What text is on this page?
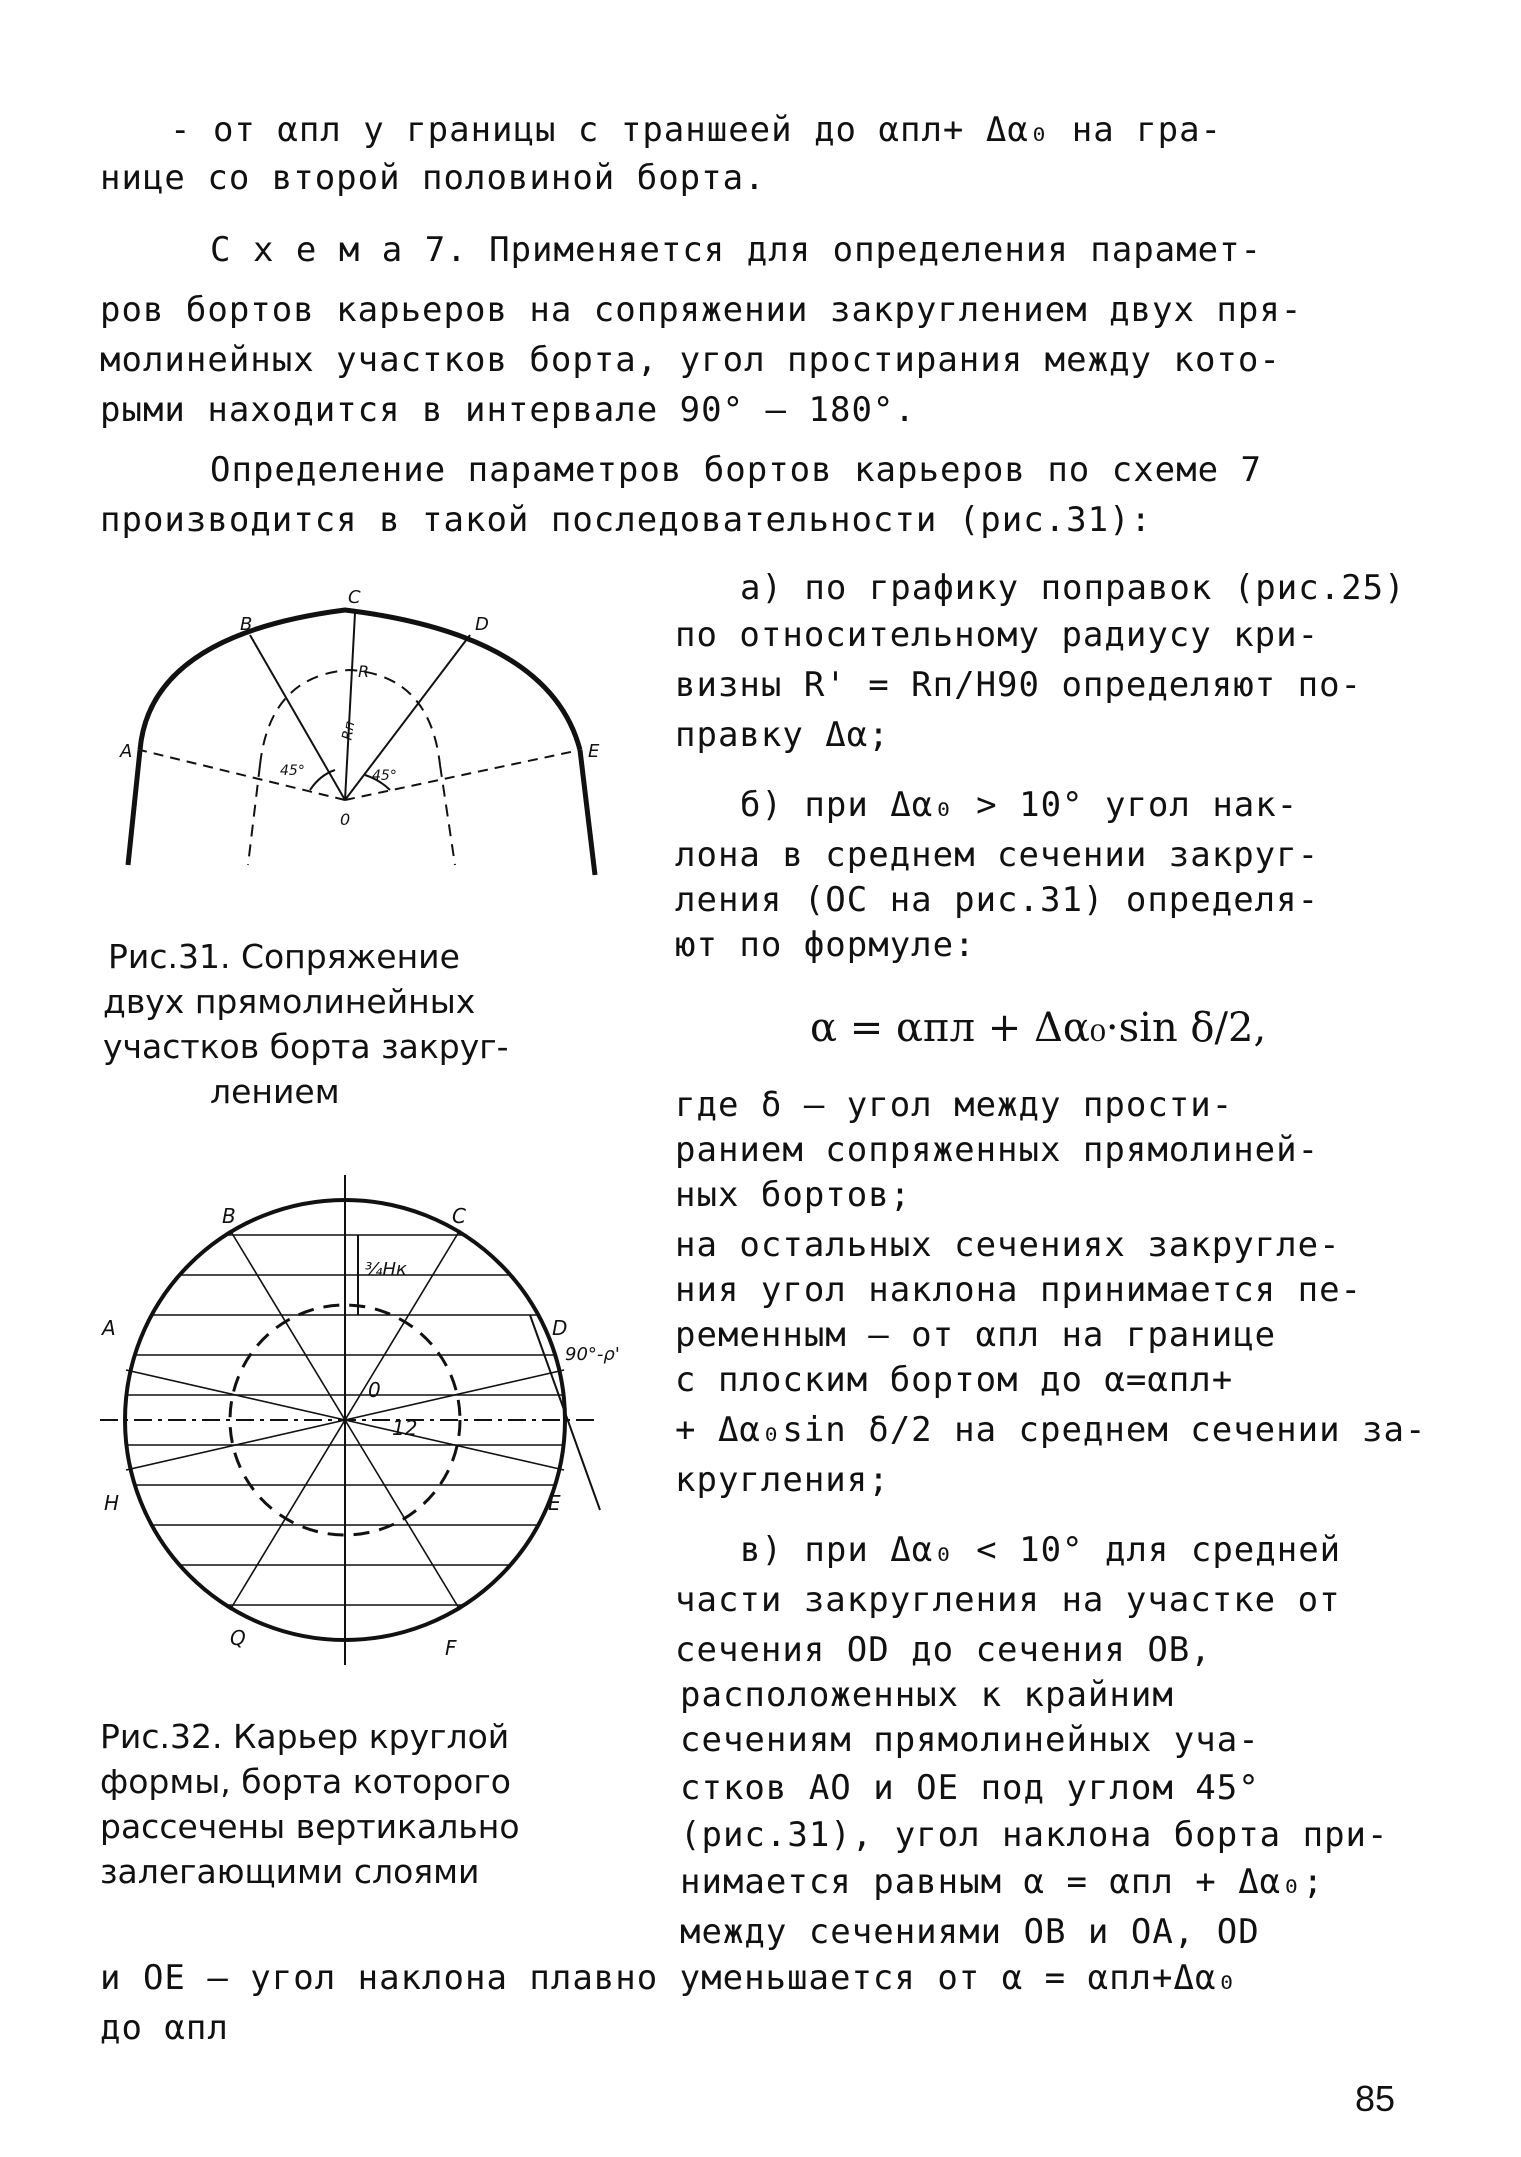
- от αпл у границы с траншеей до αпл+ Δα₀ на гра-
нице со второй половиной борта.
С х е м а 7. Применяется для определения парамет-
ров бортов карьеров на сопряжении закруглением двух пря-
молинейных участков борта, угол простирания между кото-
рыми находится в интервале 90° – 180°.
Определение параметров бортов карьеров по схеме 7
производится в такой последовательности (рис.31):
B
C
D
A	E
R
Rп
45°	45°
0
Рис.31. Сопряжение
двух прямолинейных
участков борта закруг-
лением
B	C
A	D
H	E
Q	F
0
¾Hк
90°-ρ'
12
Рис.32. Карьер круглой
формы, борта которого
рассечены вертикально
залегающими слоями
а) по графику поправок (рис.25)
по относительному радиусу кри-
визны R' = Rп/H90 определяют по-
правку Δα;
б) при Δα₀ > 10° угол нак-
лона в среднем сечении закруг-
ления (ОС на рис.31) определя-
ют по формуле:
α = αпл + Δα₀·sin δ/2,
где δ – угол между прости-
ранием сопряженных прямолиней-
ных бортов;
на остальных сечениях закругле-
ния угол наклона принимается пе-
ременным – от αпл на границе
с плоским бортом до α=αпл+
+ Δα₀sin δ/2 на среднем сечении за-
кругления;
в) при Δα₀ < 10° для средней
части закругления на участке от
сечения OD до сечения OB,
расположенных к крайним
сечениям прямолинейных уча-
стков АО и ОЕ под углом 45°
(рис.31), угол наклона борта при-
нимается равным α = αпл + Δα₀;
между сечениями OB и OA, OD
и ОЕ – угол наклона плавно уменьшается от α = αпл+Δα₀
до αпл
85
